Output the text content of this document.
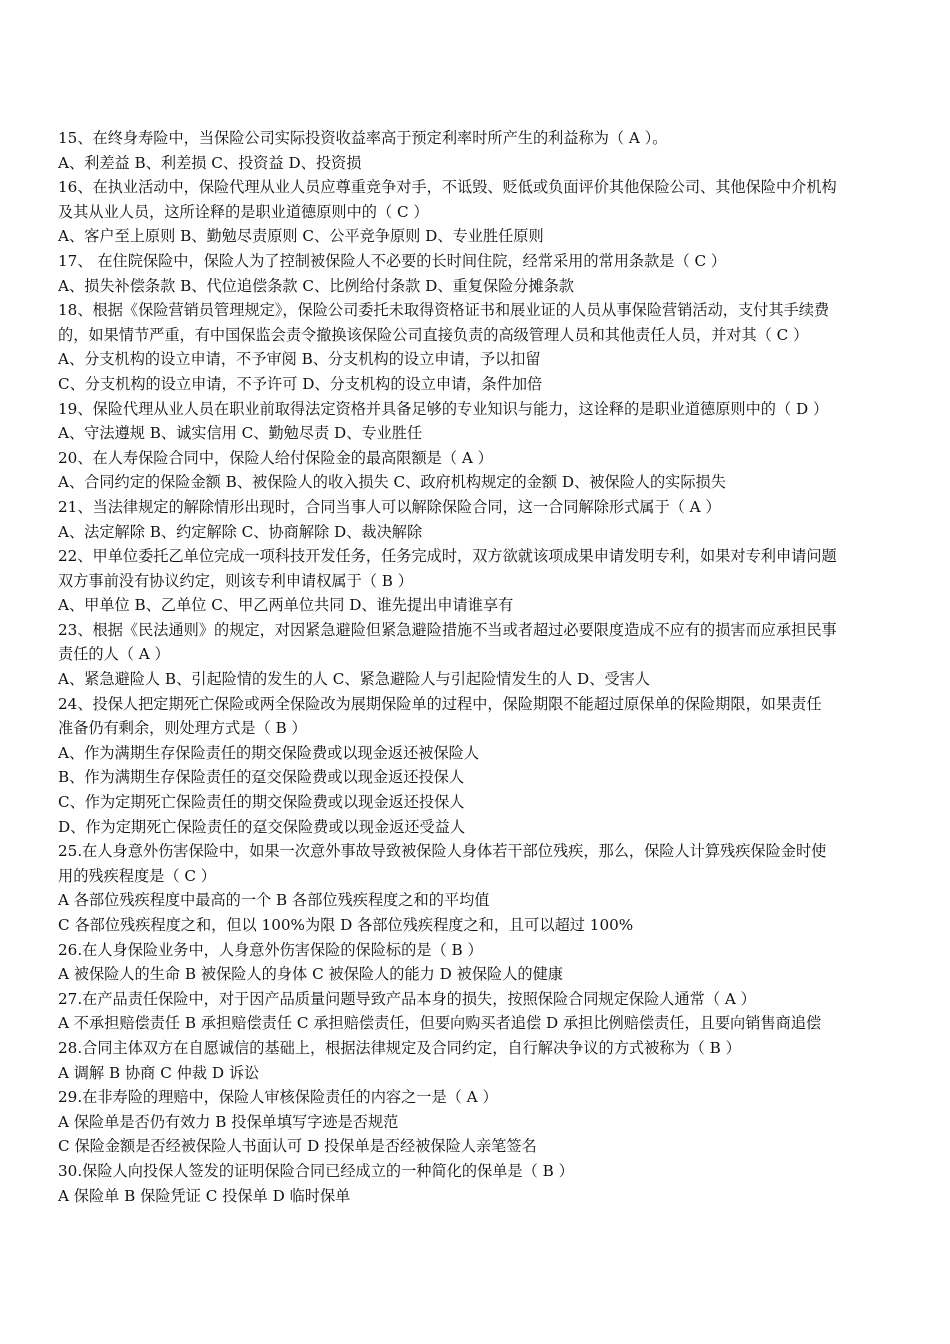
15、在终身寿险中，当保险公司实际投资收益率高于预定利率时所产生的利益称为（ A ）。
A、利差益 B、利差损 C、投资益 D、投资损
16、在执业活动中，保险代理从业人员应尊重竞争对手，不诋毁、贬低或负面评价其他保险公司、其他保险中介机构
及其从业人员，这所诠释的是职业道德原则中的（ C ）
A、客户至上原则 B、勤勉尽责原则 C、公平竞争原则 D、专业胜任原则
17、 在住院保险中，保险人为了控制被保险人不必要的长时间住院，经常采用的常用条款是（ C ）
A、损失补偿条款 B、代位追偿条款 C、比例给付条款 D、重复保险分摊条款
18、根据《保险营销员管理规定》，保险公司委托未取得资格证书和展业证的人员从事保险营销活动，支付其手续费
的，如果情节严重，有中国保监会责令撤换该保险公司直接负责的高级管理人员和其他责任人员，并对其（ C ）
A、分支机构的设立申请，不予审阅 B、分支机构的设立申请，予以扣留
C、分支机构的设立申请，不予许可 D、分支机构的设立申请，条件加倍
19、保险代理从业人员在职业前取得法定资格并具备足够的专业知识与能力，这诠释的是职业道德原则中的（ D ）
A、守法遵规 B、诚实信用 C、勤勉尽责 D、专业胜任
20、在人寿保险合同中，保险人给付保险金的最高限额是（ A ）
A、合同约定的保险金额 B、被保险人的收入损失 C、政府机构规定的金额 D、被保险人的实际损失
21、当法律规定的解除情形出现时，合同当事人可以解除保险合同，这一合同解除形式属于（ A ）
A、法定解除 B、约定解除 C、协商解除 D、裁决解除
22、甲单位委托乙单位完成一项科技开发任务，任务完成时，双方欲就该项成果申请发明专利，如果对专利申请问题
双方事前没有协议约定，则该专利申请权属于（ B ）
A、甲单位 B、乙单位 C、甲乙两单位共同 D、谁先提出申请谁享有
23、根据《民法通则》的规定，对因紧急避险但紧急避险措施不当或者超过必要限度造成不应有的损害而应承担民事
责任的人（ A ）
A、紧急避险人 B、引起险情的发生的人 C、紧急避险人与引起险情发生的人 D、受害人
24、投保人把定期死亡保险或两全保险改为展期保险单的过程中，保险期限不能超过原保单的保险期限，如果责任
准备仍有剩余，则处理方式是（ B ）
A、作为满期生存保险责任的期交保险费或以现金返还被保险人
B、作为满期生存保险责任的趸交保险费或以现金返还投保人
C、作为定期死亡保险责任的期交保险费或以现金返还投保人
D、作为定期死亡保险责任的趸交保险费或以现金返还受益人
25.在人身意外伤害保险中，如果一次意外事故导致被保险人身体若干部位残疾，那么，保险人计算残疾保险金时使
用的残疾程度是（ C ）
A 各部位残疾程度中最高的一个 B 各部位残疾程度之和的平均值
C 各部位残疾程度之和，但以 100%为限 D 各部位残疾程度之和，且可以超过 100%
26.在人身保险业务中，人身意外伤害保险的保险标的是（ B ）
A 被保险人的生命 B 被保险人的身体 C 被保险人的能力 D 被保险人的健康
27.在产品责任保险中，对于因产品质量问题导致产品本身的损失，按照保险合同规定保险人通常（ A ）
A 不承担赔偿责任 B 承担赔偿责任 C 承担赔偿责任，但要向购买者追偿 D 承担比例赔偿责任，且要向销售商追偿
28.合同主体双方在自愿诚信的基础上，根据法律规定及合同约定，自行解决争议的方式被称为（ B ）
A 调解 B 协商 C 仲裁 D 诉讼
29.在非寿险的理赔中，保险人审核保险责任的内容之一是（ A ）
A 保险单是否仍有效力 B 投保单填写字迹是否规范
C 保险金额是否经被保险人书面认可 D 投保单是否经被保险人亲笔签名
30.保险人向投保人签发的证明保险合同已经成立的一种简化的保单是（ B ）
A 保险单 B 保险凭证 C 投保单 D 临时保单
